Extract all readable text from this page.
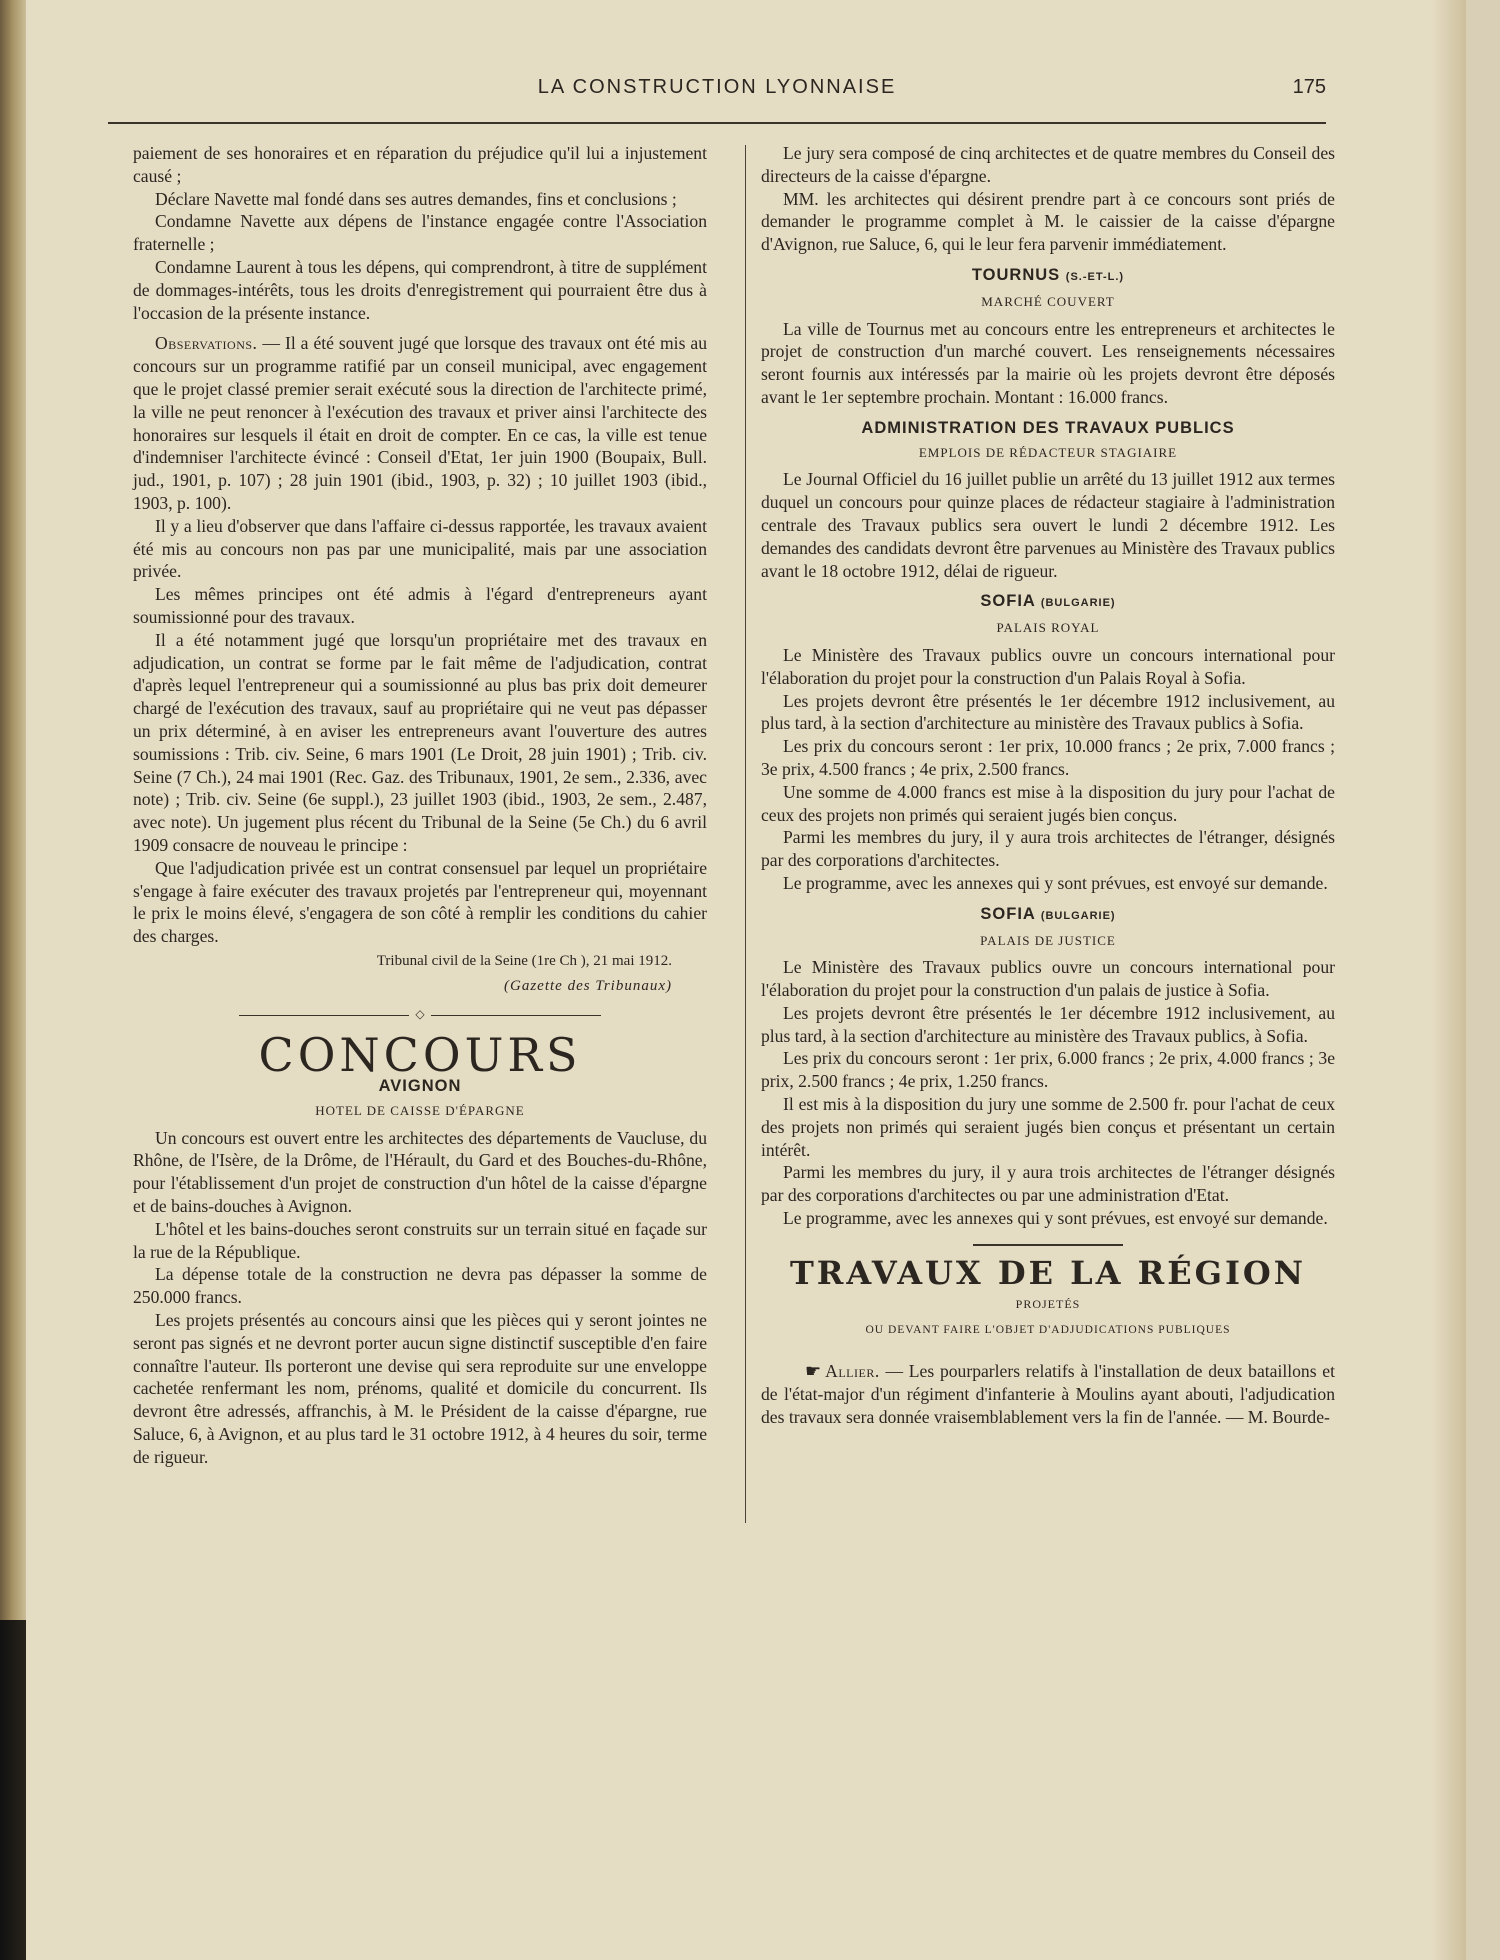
LA CONSTRUCTION LYONNAISE	175

paiement de ses honoraires et en réparation du préjudice qu'il lui a injustement causé ;

Déclare Navette mal fondé dans ses autres demandes, fins et conclusions ;

Condamne Navette aux dépens de l'instance engagée contre l'Association fraternelle ;

Condamne Laurent à tous les dépens, qui comprendront, à titre de supplément de dommages-intérêts, tous les droits d'enregistrement qui pourraient être dus à l'occasion de la présente instance.

Observations. — Il a été souvent jugé que lorsque des travaux ont été mis au concours sur un programme ratifié par un conseil municipal, avec engagement que le projet classé premier serait exécuté sous la direction de l'architecte primé, la ville ne peut renoncer à l'exécution des travaux et priver ainsi l'architecte des honoraires sur lesquels il était en droit de compter. En ce cas, la ville est tenue d'indemniser l'architecte évincé : Conseil d'Etat, 1er juin 1900 (Boupaix, Bull. jud., 1901, p. 107) ; 28 juin 1901 (ibid., 1903, p. 32) ; 10 juillet 1903 (ibid., 1903, p. 100).

Il y a lieu d'observer que dans l'affaire ci-dessus rapportée, les travaux avaient été mis au concours non pas par une municipalité, mais par une association privée.

Les mêmes principes ont été admis à l'égard d'entrepreneurs ayant soumissionné pour des travaux.

Il a été notamment jugé que lorsqu'un propriétaire met des travaux en adjudication, un contrat se forme par le fait même de l'adjudication, contrat d'après lequel l'entrepreneur qui a soumissionné au plus bas prix doit demeurer chargé de l'exécution des travaux, sauf au propriétaire qui ne veut pas dépasser un prix déterminé, à en aviser les entrepreneurs avant l'ouverture des autres soumissions : Trib. civ. Seine, 6 mars 1901 (Le Droit, 28 juin 1901) ; Trib. civ. Seine (7 Ch.), 24 mai 1901 (Rec. Gaz. des Tribunaux, 1901, 2e sem., 2.336, avec note) ; Trib. civ. Seine (6e suppl.), 23 juillet 1903 (ibid., 1903, 2e sem., 2.487, avec note). Un jugement plus récent du Tribunal de la Seine (5e Ch.) du 6 avril 1909 consacre de nouveau le principe :

Que l'adjudication privée est un contrat consensuel par lequel un propriétaire s'engage à faire exécuter des travaux projetés par l'entrepreneur qui, moyennant le prix le moins élevé, s'engagera de son côté à remplir les conditions du cahier des charges.

Tribunal civil de la Seine (1re Ch ), 21 mai 1912.
(Gazette des Tribunaux)
◇
CONCOURS
AVIGNON
HOTEL DE CAISSE D'ÉPARGNE

Un concours est ouvert entre les architectes des départements de Vaucluse, du Rhône, de l'Isère, de la Drôme, de l'Hérault, du Gard et des Bouches-du-Rhône, pour l'établissement d'un projet de construction d'un hôtel de la caisse d'épargne et de bains-douches à Avignon.

L'hôtel et les bains-douches seront construits sur un terrain situé en façade sur la rue de la République.

La dépense totale de la construction ne devra pas dépasser la somme de 250.000 francs.

Les projets présentés au concours ainsi que les pièces qui y seront jointes ne seront pas signés et ne devront porter aucun signe distinctif susceptible d'en faire connaître l'auteur. Ils porteront une devise qui sera reproduite sur une enveloppe cachetée renfermant les nom, prénoms, qualité et domicile du concurrent. Ils devront être adressés, affranchis, à M. le Président de la caisse d'épargne, rue Saluce, 6, à Avignon, et au plus tard le 31 octobre 1912, à 4 heures du soir, terme de rigueur.

Le jury sera composé de cinq architectes et de quatre membres du Conseil des directeurs de la caisse d'épargne.

MM. les architectes qui désirent prendre part à ce concours sont priés de demander le programme complet à M. le caissier de la caisse d'épargne d'Avignon, rue Saluce, 6, qui le leur fera parvenir immédiatement.

TOURNUS (S.-ET-L.)
MARCHÉ COUVERT

La ville de Tournus met au concours entre les entrepreneurs et architectes le projet de construction d'un marché couvert. Les renseignements nécessaires seront fournis aux intéressés par la mairie où les projets devront être déposés avant le 1er septembre prochain. Montant : 16.000 francs.

ADMINISTRATION DES TRAVAUX PUBLICS
EMPLOIS DE RÉDACTEUR STAGIAIRE

Le Journal Officiel du 16 juillet publie un arrêté du 13 juillet 1912 aux termes duquel un concours pour quinze places de rédacteur stagiaire à l'administration centrale des Travaux publics sera ouvert le lundi 2 décembre 1912. Les demandes des candidats devront être parvenues au Ministère des Travaux publics avant le 18 octobre 1912, délai de rigueur.

SOFIA (BULGARIE)
PALAIS ROYAL

Le Ministère des Travaux publics ouvre un concours international pour l'élaboration du projet pour la construction d'un Palais Royal à Sofia.

Les projets devront être présentés le 1er décembre 1912 inclusivement, au plus tard, à la section d'architecture au ministère des Travaux publics à Sofia.

Les prix du concours seront : 1er prix, 10.000 francs ; 2e prix, 7.000 francs ; 3e prix, 4.500 francs ; 4e prix, 2.500 francs.

Une somme de 4.000 francs est mise à la disposition du jury pour l'achat de ceux des projets non primés qui seraient jugés bien conçus.

Parmi les membres du jury, il y aura trois architectes de l'étranger, désignés par des corporations d'architectes.

Le programme, avec les annexes qui y sont prévues, est envoyé sur demande.

SOFIA (BULGARIE)
PALAIS DE JUSTICE

Le Ministère des Travaux publics ouvre un concours international pour l'élaboration du projet pour la construction d'un palais de justice à Sofia.

Les projets devront être présentés le 1er décembre 1912 inclusivement, au plus tard, à la section d'architecture au ministère des Travaux publics, à Sofia.

Les prix du concours seront : 1er prix, 6.000 francs ; 2e prix, 4.000 francs ; 3e prix, 2.500 francs ; 4e prix, 1.250 francs.

Il est mis à la disposition du jury une somme de 2.500 fr. pour l'achat de ceux des projets non primés qui seraient jugés bien conçus et présentant un certain intérêt.

Parmi les membres du jury, il y aura trois architectes de l'étranger désignés par des corporations d'architectes ou par une administration d'Etat.

Le programme, avec les annexes qui y sont prévues, est envoyé sur demande.

TRAVAUX DE LA RÉGION
PROJETÉS
OU DEVANT FAIRE L'OBJET D'ADJUDICATIONS PUBLIQUES

☛ Allier. — Les pourparlers relatifs à l'installation de deux bataillons et de l'état-major d'un régiment d'infanterie à Moulins ayant abouti, l'adjudication des travaux sera donnée vraisemblablement vers la fin de l'année. — M. Bourde-
